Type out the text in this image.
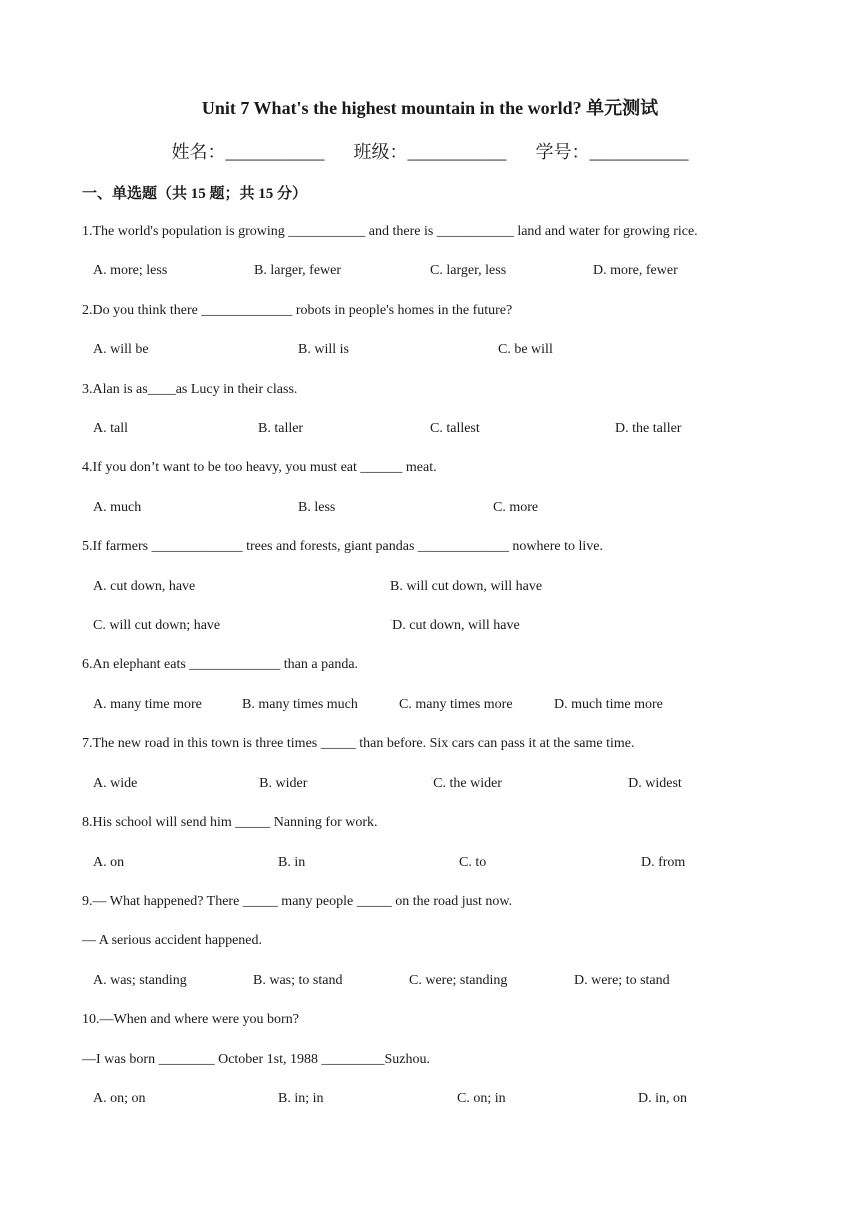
Unit 7 What's the highest mountain in the world? 单元测试
姓名：___________ 班级：___________ 学号：___________
一、单选题（共 15 题；共 15 分）
1.The world's population is growing ___________ and there is ___________ land and water for growing rice.
A. more; less	B. larger, fewer	C. larger, less	D. more, fewer
2.Do you think there _____________ robots in people's homes in the future?
A. will be	B. will is	C. be will
3.Alan is as____as Lucy in their class.
A. tall	B. taller	C. tallest	D. the taller
4.If you don’t want to be too heavy, you must eat ______ meat.
A. much	B. less	C. more
5.If farmers _____________ trees and forests, giant pandas _____________ nowhere to live.
A. cut down, have	B. will cut down, will have
C. will cut down; have	◦D. cut down, will have
6.An elephant eats _____________ than a panda.
A. many time more	B. many times much	C. many times more	D. much time more
7.The new road in this town is three times _____ than before. Six cars can pass it at the same time.
A. wide	◦B. wider	◦C. the wider	◦D. widest
8.His school will send him _____ Nanning for work.
A. on	B. in	C. to	D. from
9.— What happened? There _____ many people _____ on the road just now.
— A serious accident happened.
A. was; standing	B. was; to stand	C. were; standing	D. were; to stand
10.—When and where were you born?
—I was born ________ October 1st, 1988 _________Suzhou.
A. on; on	B. in; in	C. on; in	D. in, on
